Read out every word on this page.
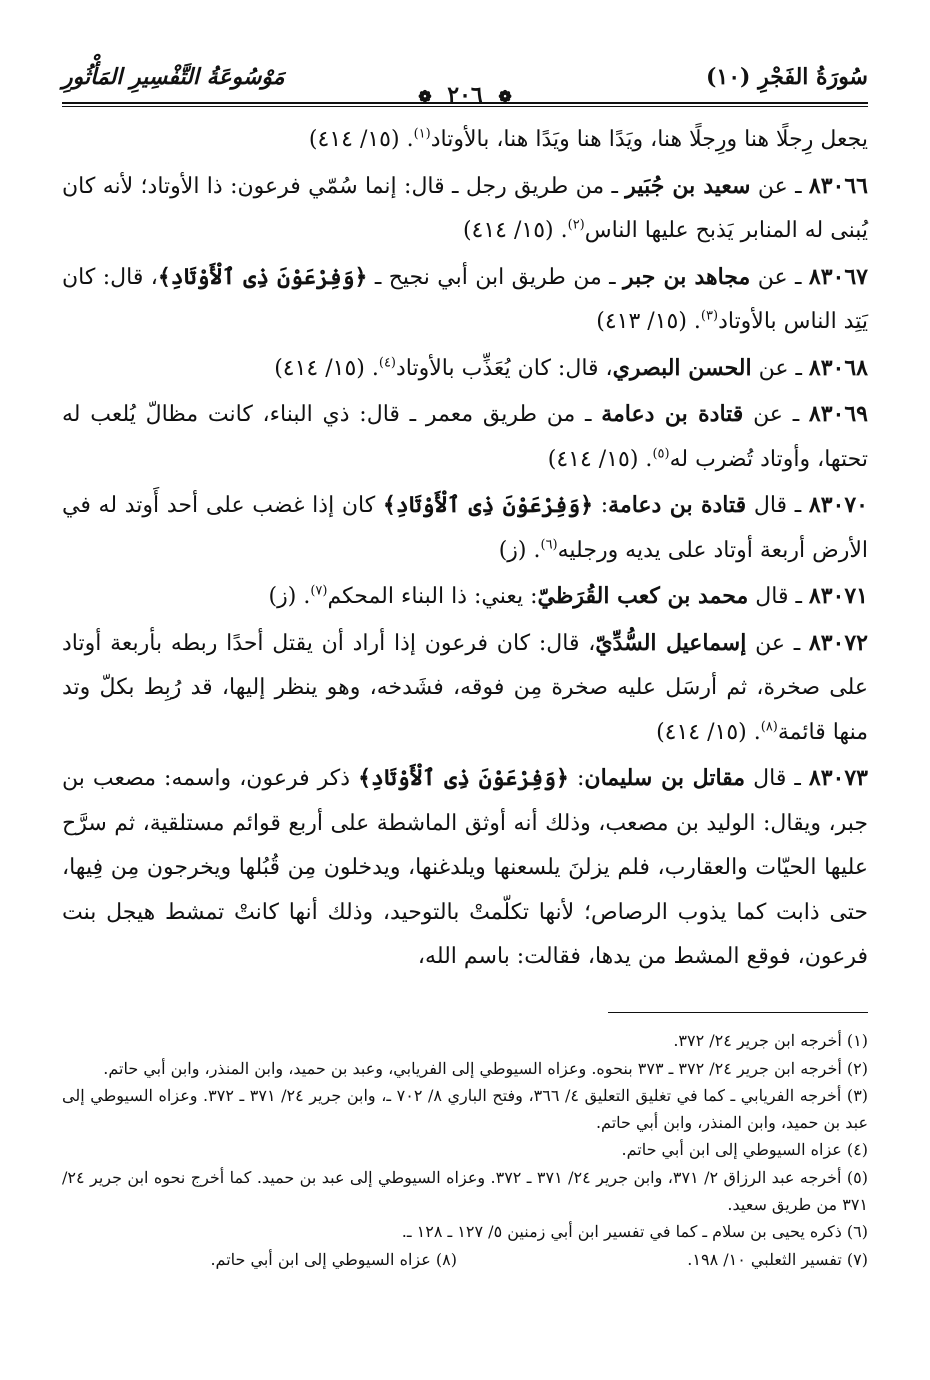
سُورَةُ الفَجْرِ (١٠)
❁ ٢٠٦ ❁
مَوْسُوعَةُ التَّفْسِيرِ المَأْثُورِ

يجعل رِجلًا هنا ورِجلًا هنا، ويَدًا هنا ويَدًا هنا، بالأوتاد$^{(١)}$. (١٥/ ٤١٤)

٨٣٠٦٦ ـ عن سعيد بن جُبَير ـ من طريق رجل ـ قال: إنما سُمّي فرعون: ذا الأوتاد؛ لأنه كان يُبنى له المنابر يَذبح عليها الناس$^{(٢)}$. (١٥/ ٤١٤)

٨٣٠٦٧ ـ عن مجاهد بن جبر ـ من طريق ابن أبي نجيح ـ ﴿وَفِرْعَوْنَ ذِى ٱلْأَوْتَادِ﴾، قال: كان يَتِد الناس بالأوتاد$^{(٣)}$. (١٥/ ٤١٣)

٨٣٠٦٨ ـ عن الحسن البصري، قال: كان يُعَذِّب بالأوتاد$^{(٤)}$. (١٥/ ٤١٤)

٨٣٠٦٩ ـ عن قتادة بن دعامة ـ من طريق معمر ـ قال: ذي البناء، كانت مظالّ يُلعب له تحتها، وأوتاد تُضرب له$^{(٥)}$. (١٥/ ٤١٤)

٨٣٠٧٠ ـ قال قتادة بن دعامة: ﴿وَفِرْعَوْنَ ذِى ٱلْأَوْتَادِ﴾ كان إذا غضب على أحد أَوتد له في الأرض أربعة أوتاد على يديه ورجليه$^{(٦)}$. (ز)

٨٣٠٧١ ـ قال محمد بن كعب القُرَظيّ: يعني: ذا البناء المحكم$^{(٧)}$. (ز)

٨٣٠٧٢ ـ عن إسماعيل السُّدِّيّ، قال: كان فرعون إذا أراد أن يقتل أحدًا ربطه بأربعة أوتاد على صخرة، ثم أرسَل عليه صخرة مِن فوقه، فشَدخه، وهو ينظر إليها، قد رُبِط بكلّ وتد منها قائمة$^{(٨)}$. (١٥/ ٤١٤)

٨٣٠٧٣ ـ قال مقاتل بن سليمان: ﴿وَفِرْعَوْنَ ذِى ٱلْأَوْتَادِ﴾ ذكر فرعون، واسمه: مصعب بن جبر، ويقال: الوليد بن مصعب، وذلك أنه أوثق الماشطة على أربع قوائم مستلقية، ثم سرَّح عليها الحيّات والعقارب، فلم يزلنَ يلسعنها ويلدغنها، ويدخلون مِن قُبُلها ويخرجون مِن فِيها، حتى ذابت كما يذوب الرصاص؛ لأنها تكلّمتْ بالتوحيد، وذلك أنها كانتْ تمشط هيجل بنت فرعون، فوقع المشط من يدها، فقالت: باسم الله،

(١) أخرجه ابن جرير ٢٤/ ٣٧٢.

(٢) أخرجه ابن جرير ٢٤/ ٣٧٢ ـ ٣٧٣ بنحوه. وعزاه السيوطي إلى الفريابي، وعبد بن حميد، وابن المنذر، وابن أبي حاتم.

(٣) أخرجه الفريابي ـ كما في تغليق التعليق ٤/ ٣٦٦، وفتح الباري ٨/ ٧٠٢ ـ، وابن جرير ٢٤/ ٣٧١ ـ ٣٧٢. وعزاه السيوطي إلى عبد بن حميد، وابن المنذر، وابن أبي حاتم.

(٤) عزاه السيوطي إلى ابن أبي حاتم.

(٥) أخرجه عبد الرزاق ٢/ ٣٧١، وابن جرير ٢٤/ ٣٧١ ـ ٣٧٢. وعزاه السيوطي إلى عبد بن حميد. كما أخرج نحوه ابن جرير ٢٤/ ٣٧١ من طريق سعيد.

(٦) ذكره يحيى بن سلام ـ كما في تفسير ابن أبي زمنين ٥/ ١٢٧ ـ ١٢٨ ـ.

(٧) تفسير الثعلبي ١٠/ ١٩٨.
(٨) عزاه السيوطي إلى ابن أبي حاتم.
